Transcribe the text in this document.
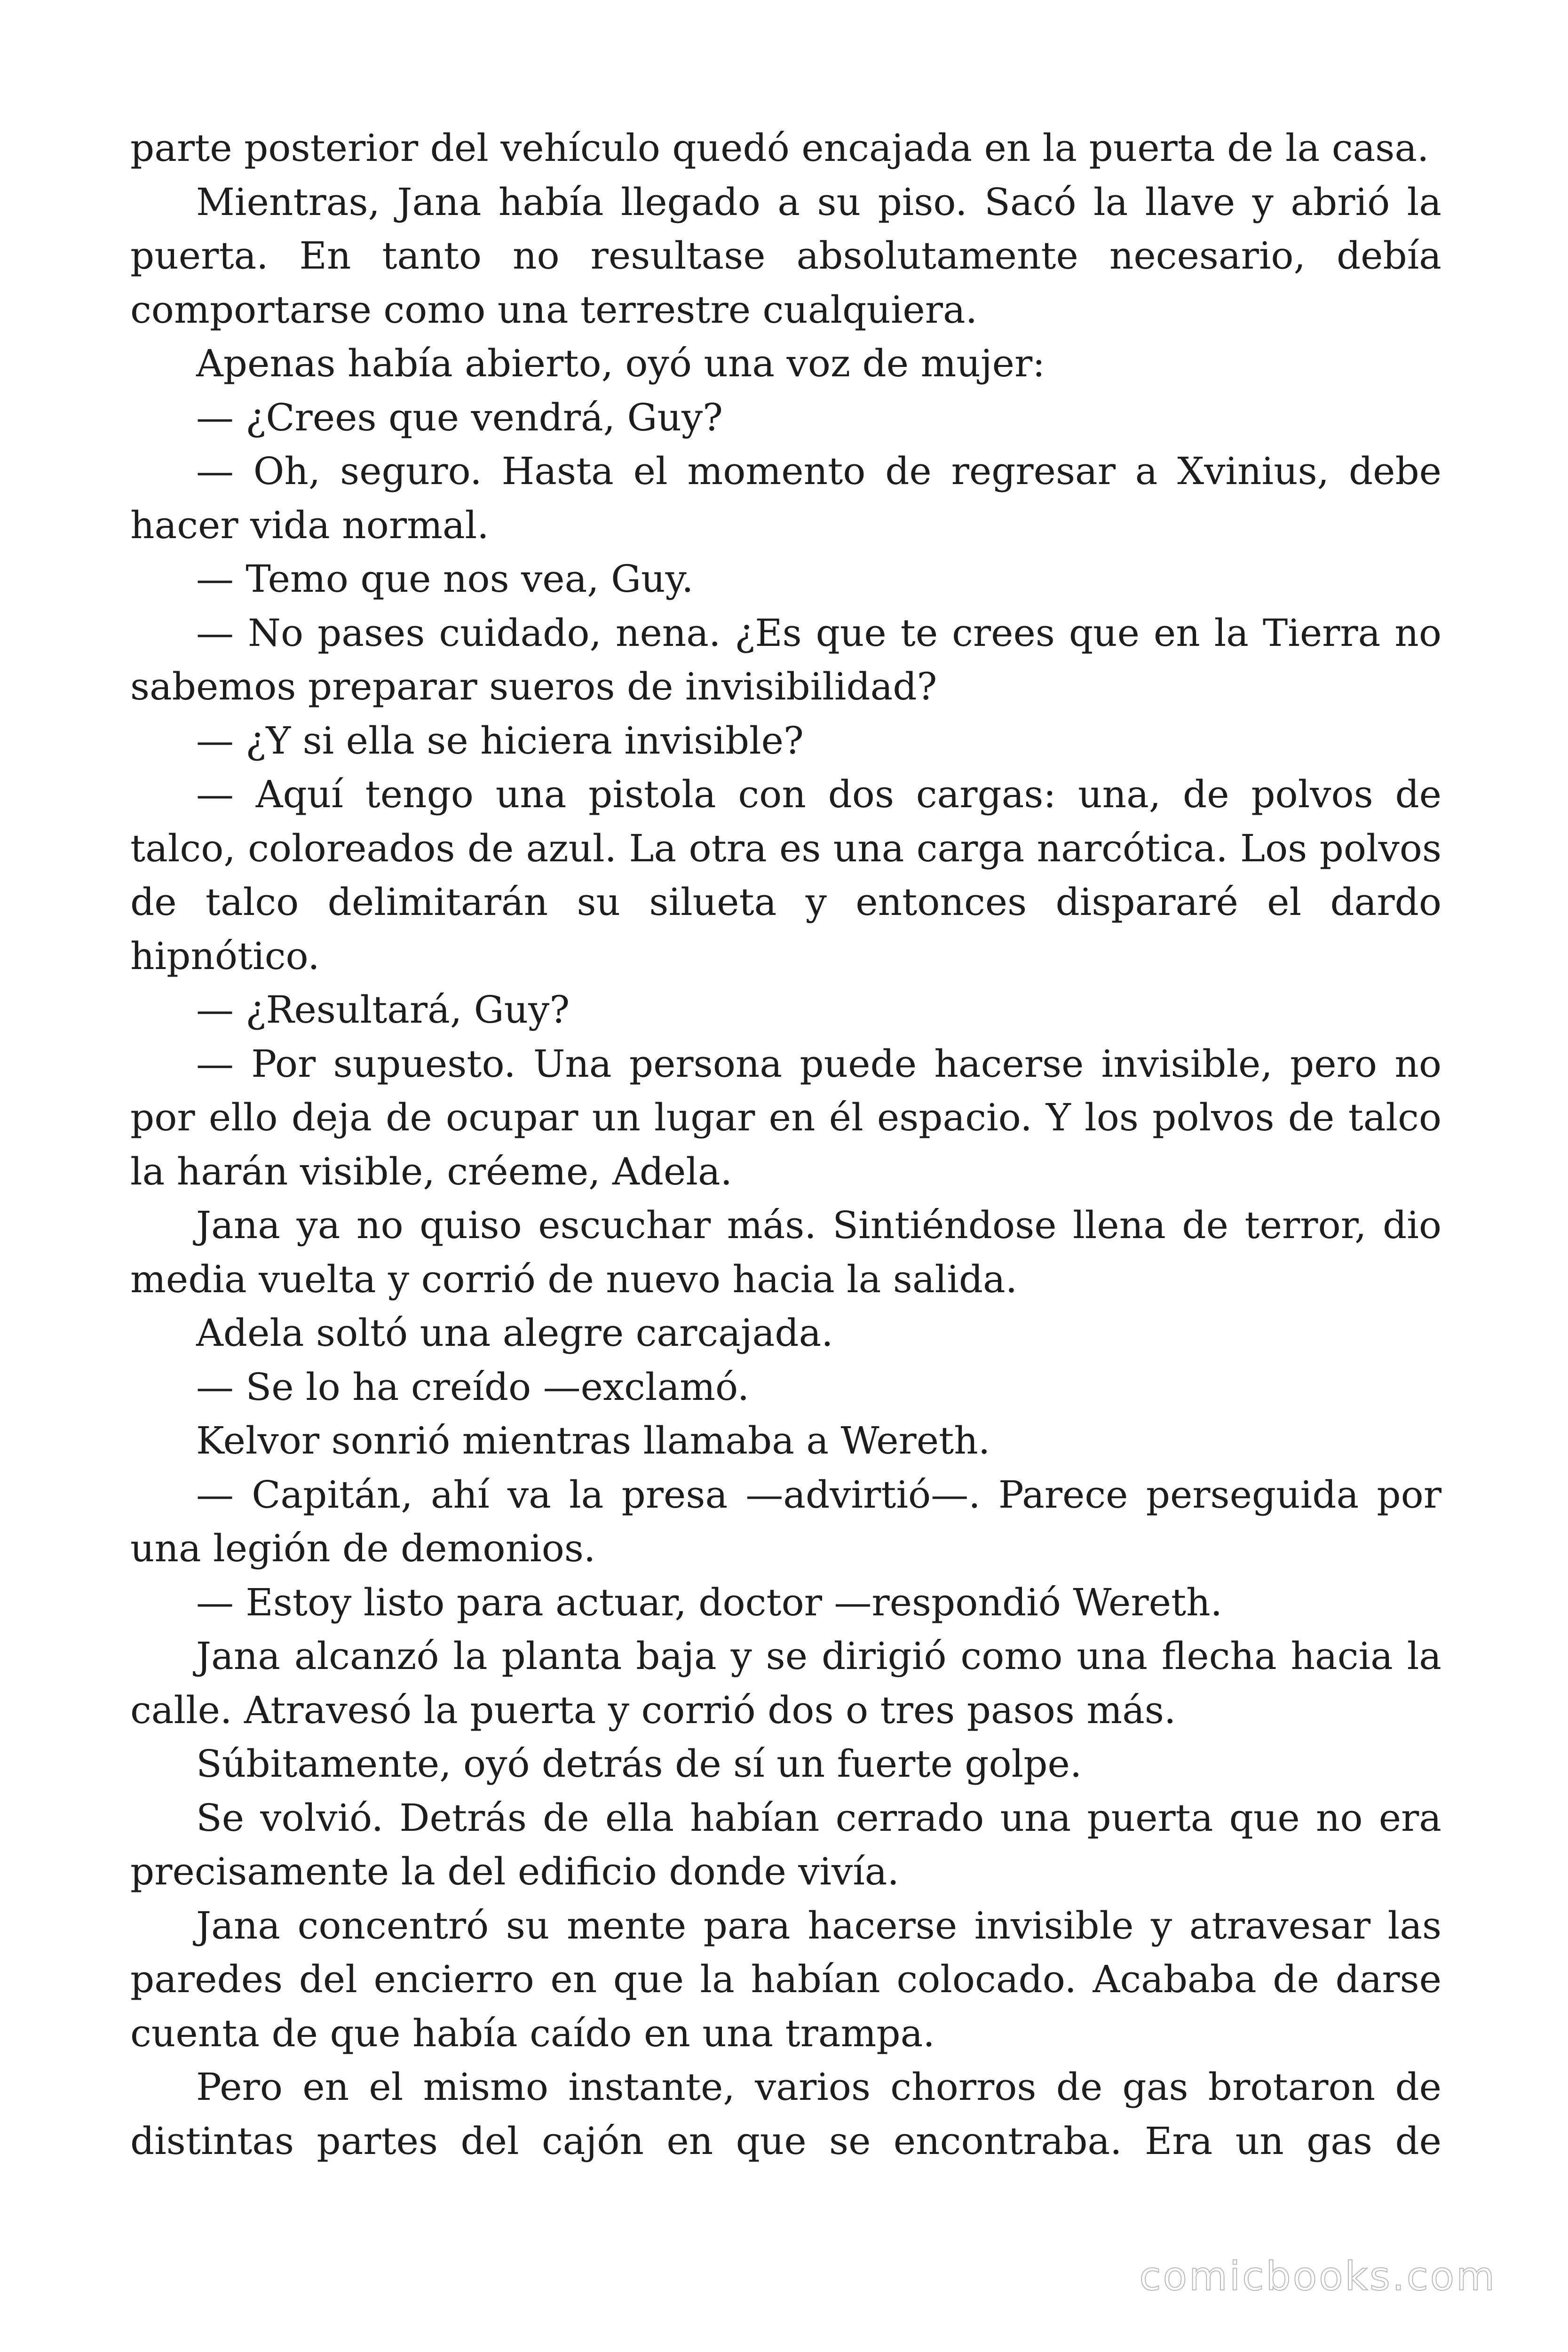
parte posterior del vehículo quedó encajada en la puerta de la casa.

Mientras, Jana había llegado a su piso. Sacó la llave y abrió la puerta. En tanto no resultase absolutamente necesario, debía comportarse como una terrestre cualquiera.

Apenas había abierto, oyó una voz de mujer:

— ¿Crees que vendrá, Guy?

— Oh, seguro. Hasta el momento de regresar a Xvinius, debe hacer vida normal.

— Temo que nos vea, Guy.

— No pases cuidado, nena. ¿Es que te crees que en la Tierra no sabemos preparar sueros de invisibilidad?

— ¿Y si ella se hiciera invisible?

— Aquí tengo una pistola con dos cargas: una, de polvos de talco, coloreados de azul. La otra es una carga narcótica. Los polvos de talco delimitarán su silueta y entonces dispararé el dardo hipnótico.

— ¿Resultará, Guy?

— Por supuesto. Una persona puede hacerse invisible, pero no por ello deja de ocupar un lugar en él espacio. Y los polvos de talco la harán visible, créeme, Adela.

Jana ya no quiso escuchar más. Sintiéndose llena de terror, dio media vuelta y corrió de nuevo hacia la salida.

Adela soltó una alegre carcajada.

— Se lo ha creído —exclamó.

Kelvor sonrió mientras llamaba a Wereth.

— Capitán, ahí va la presa —advirtió—. Parece perseguida por una legión de demonios.

— Estoy listo para actuar, doctor —respondió Wereth.

Jana alcanzó la planta baja y se dirigió como una flecha hacia la calle. Atravesó la puerta y corrió dos o tres pasos más.

Súbitamente, oyó detrás de sí un fuerte golpe.

Se volvió. Detrás de ella habían cerrado una puerta que no era precisamente la del edificio donde vivía.

Jana concentró su mente para hacerse invisible y atravesar las paredes del encierro en que la habían colocado. Acababa de darse cuenta de que había caído en una trampa.

Pero en el mismo instante, varios chorros de gas brotaron de distintas partes del cajón en que se encontraba. Era un gas de

comicbooks.com
